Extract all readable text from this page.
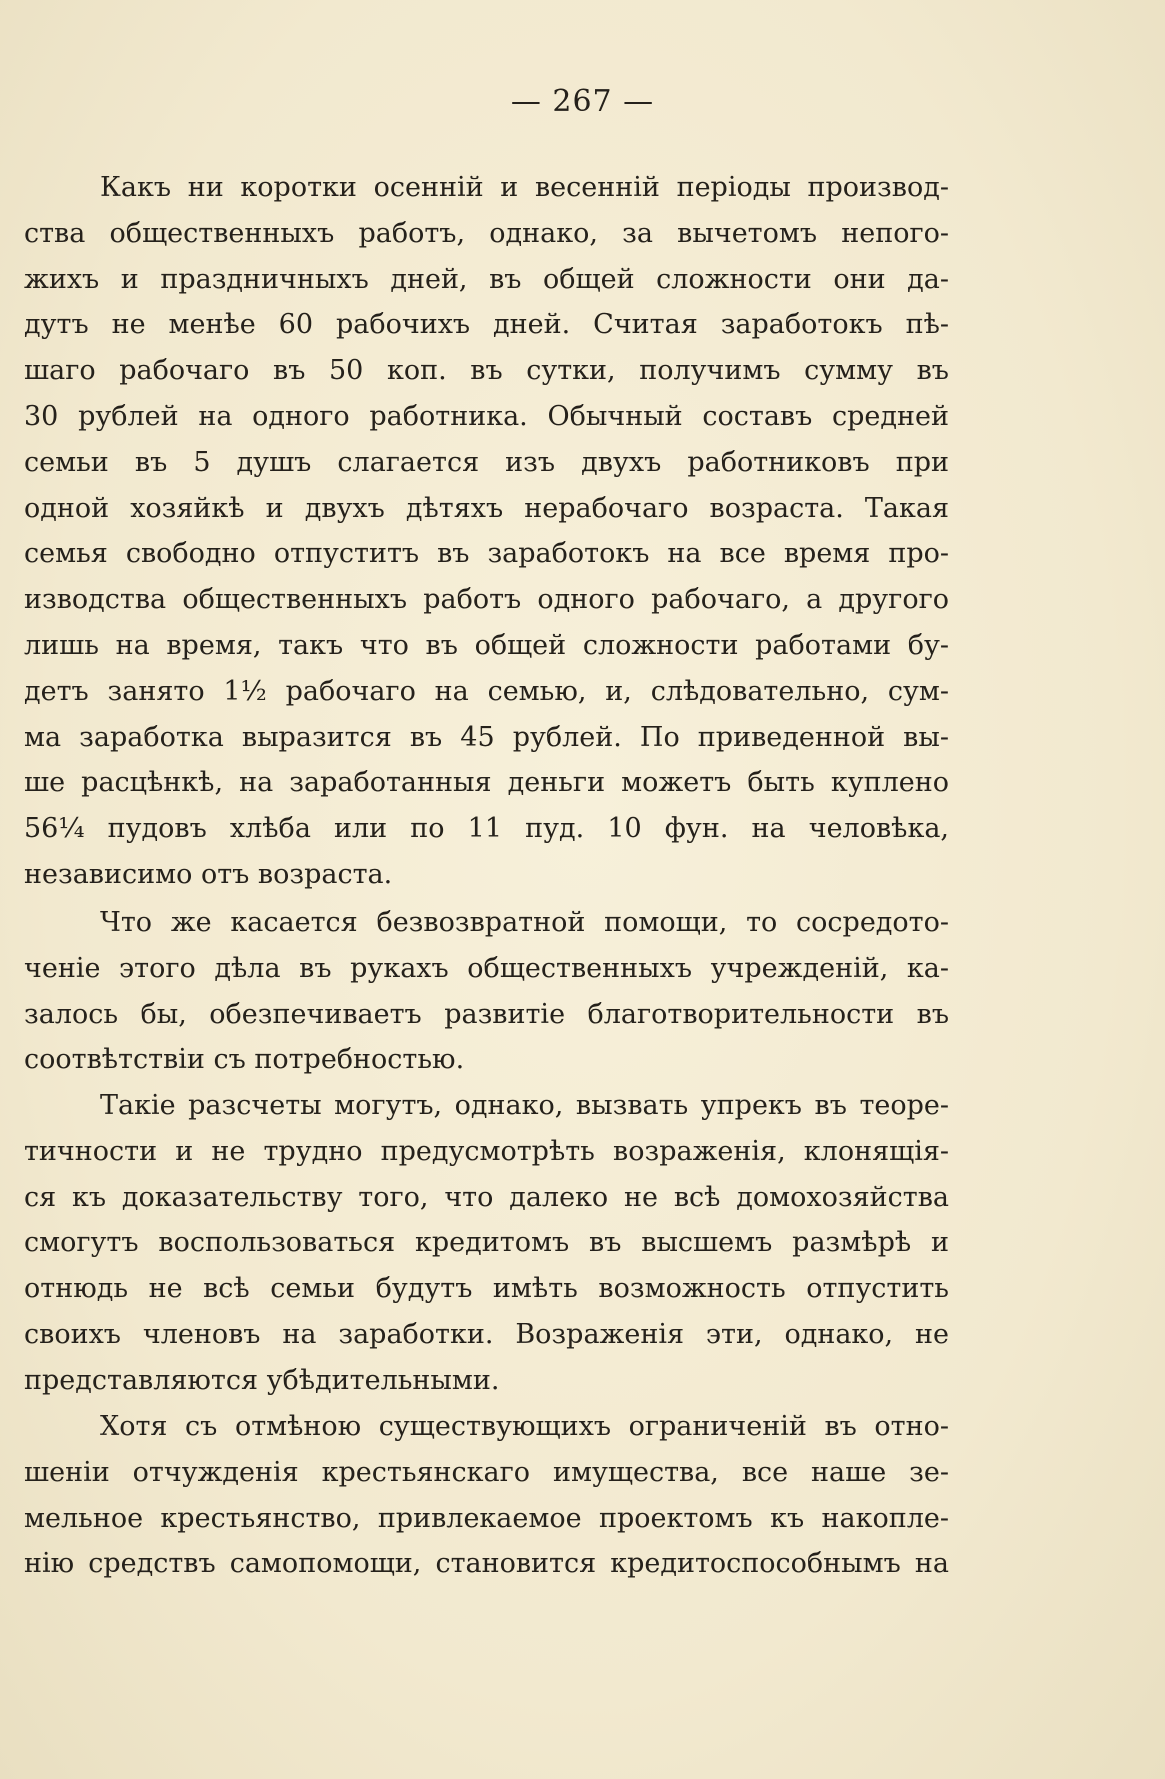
— 267 —
Какъ ни коротки осеннiй и весеннiй перiоды производ-
ства общественныхъ работъ, однако, за вычетомъ непого-
жихъ и праздничныхъ дней, въ общей сложности они да-
дутъ не менѣе 60 рабочихъ дней. Считая заработокъ пѣ-
шаго рабочаго въ 50 коп. въ сутки, получимъ сумму въ
30 рублей на одного работника. Обычный составъ средней
семьи въ 5 душъ слагается изъ двухъ работниковъ при
одной хозяйкѣ и двухъ дѣтяхъ нерабочаго возраста. Такая
семья свободно отпуститъ въ заработокъ на все время про-
изводства общественныхъ работъ одного рабочаго, а другого
лишь на время, такъ что въ общей сложности работами бу-
детъ занято 1½ рабочаго на семью, и, слѣдовательно, сум-
ма заработка выразится въ 45 рублей. По приведенной вы-
ше расцѣнкѣ, на заработанныя деньги можетъ быть куплено
56¼ пудовъ хлѣба или по 11 пуд. 10 фун. на человѣка,
независимо отъ возраста.
Что же касается безвозвратной помощи, то сосредото-
ченiе этого дѣла въ рукахъ общественныхъ учрежденiй, ка-
залось бы, обезпечиваетъ развитiе благотворительности въ
соотвѣтствiи съ потребностью.
Такiе разсчеты могутъ, однако, вызвать упрекъ въ теоре-
тичности и не трудно предусмотрѣть возраженiя, клонящiя-
ся къ доказательству того, что далеко не всѣ домохозяйства
смогутъ воспользоваться кредитомъ въ высшемъ размѣрѣ и
отнюдь не всѣ семьи будутъ имѣть возможность отпустить
своихъ членовъ на заработки. Возраженiя эти, однако, не
представляются убѣдительными.
Хотя съ отмѣною существующихъ ограниченiй въ отно-
шенiи отчужденiя крестьянскаго имущества, все наше зе-
мельное крестьянство, привлекаемое проектомъ къ накопле-
нiю средствъ самопомощи, становится кредитоспособнымъ на
